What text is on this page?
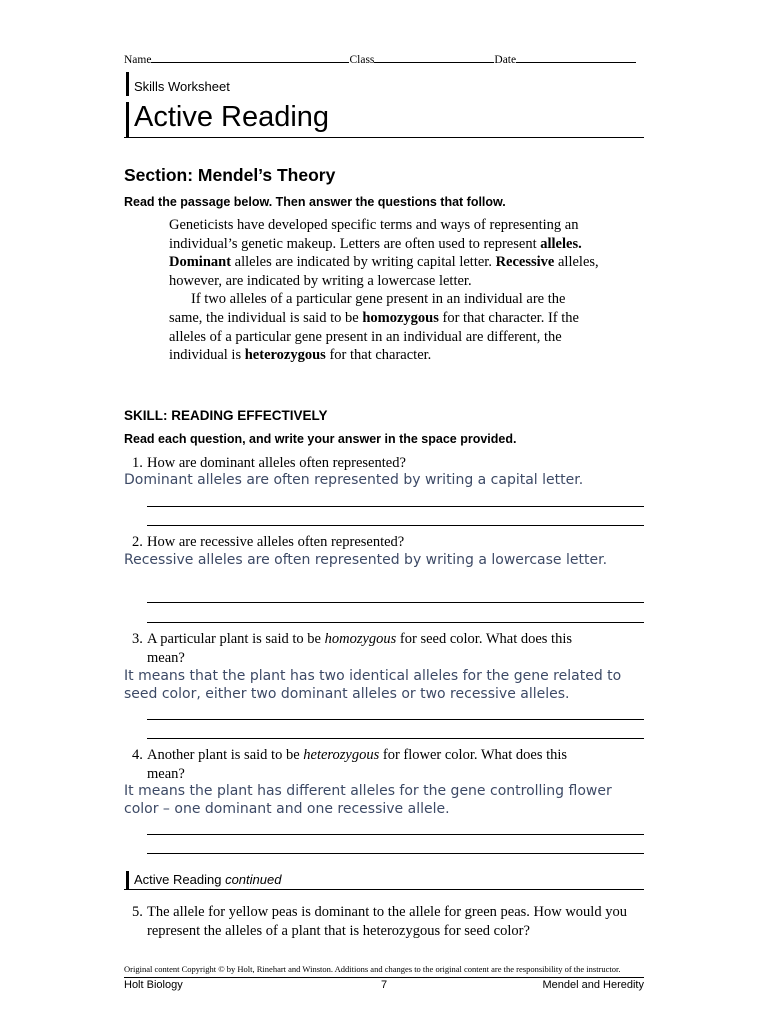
Name	Class	Date
Skills Worksheet
Active Reading
Section: Mendel’s Theory
Read the passage below. Then answer the questions that follow.

Geneticists have developed specific terms and ways of representing an individual’s genetic makeup. Letters are often used to represent alleles. Dominant alleles are indicated by writing capital letter. Recessive alleles, however, are indicated by writing a lowercase letter.

If two alleles of a particular gene present in an individual are the same, the individual is said to be homozygous for that character. If the alleles of a particular gene present in an individual are different, the individual is heterozygous for that character.

SKILL: READING EFFECTIVELY
Read each question, and write your answer in the space provided.
1. How are dominant alleles often represented?
Dominant alleles are often represented by writing a capital letter.
2. How are recessive alleles often represented?
Recessive alleles are often represented by writing a lowercase letter.
3. A particular plant is said to be homozygous for seed color. What does this mean?
It means that the plant has two identical alleles for the gene related to seed color, either two dominant alleles or two recessive alleles.
4. Another plant is said to be heterozygous for flower color. What does this mean?
It means the plant has different alleles for the gene controlling flower color – one dominant and one recessive allele.
Active Reading continued
5. The allele for yellow peas is dominant to the allele for green peas. How would you represent the alleles of a plant that is heterozygous for seed color?
Original content Copyright © by Holt, Rinehart and Winston. Additions and changes to the original content are the responsibility of the instructor.
Holt Biology	7	Mendel and Heredity
